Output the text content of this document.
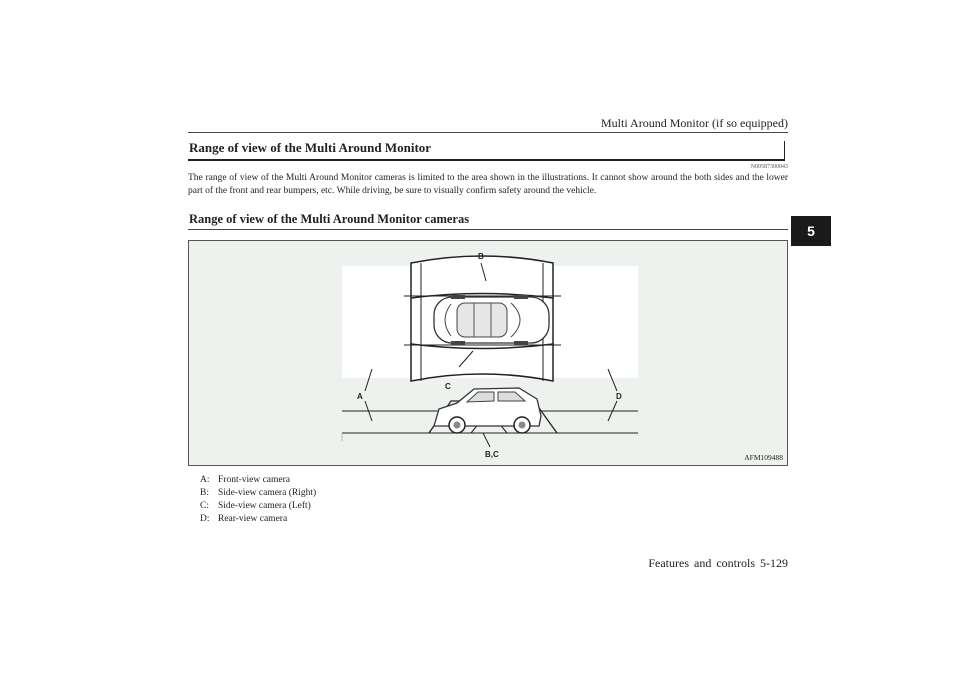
Multi Around Monitor (if so equipped)
Range of view of the Multi Around Monitor
N00587300043
The range of view of the Multi Around Monitor cameras is limited to the area shown in the illustrations. It cannot show around the both sides and the lower part of the front and rear bumpers, etc. While driving, be sure to visually confirm safety around the vehicle.
Range of view of the Multi Around Monitor cameras
5
B
C
A	D
B,C	AFM109488
A: Front-view camera
B: Side-view camera (Right)
C: Side-view camera (Left)
D: Rear-view camera
Features and controls 5-129
